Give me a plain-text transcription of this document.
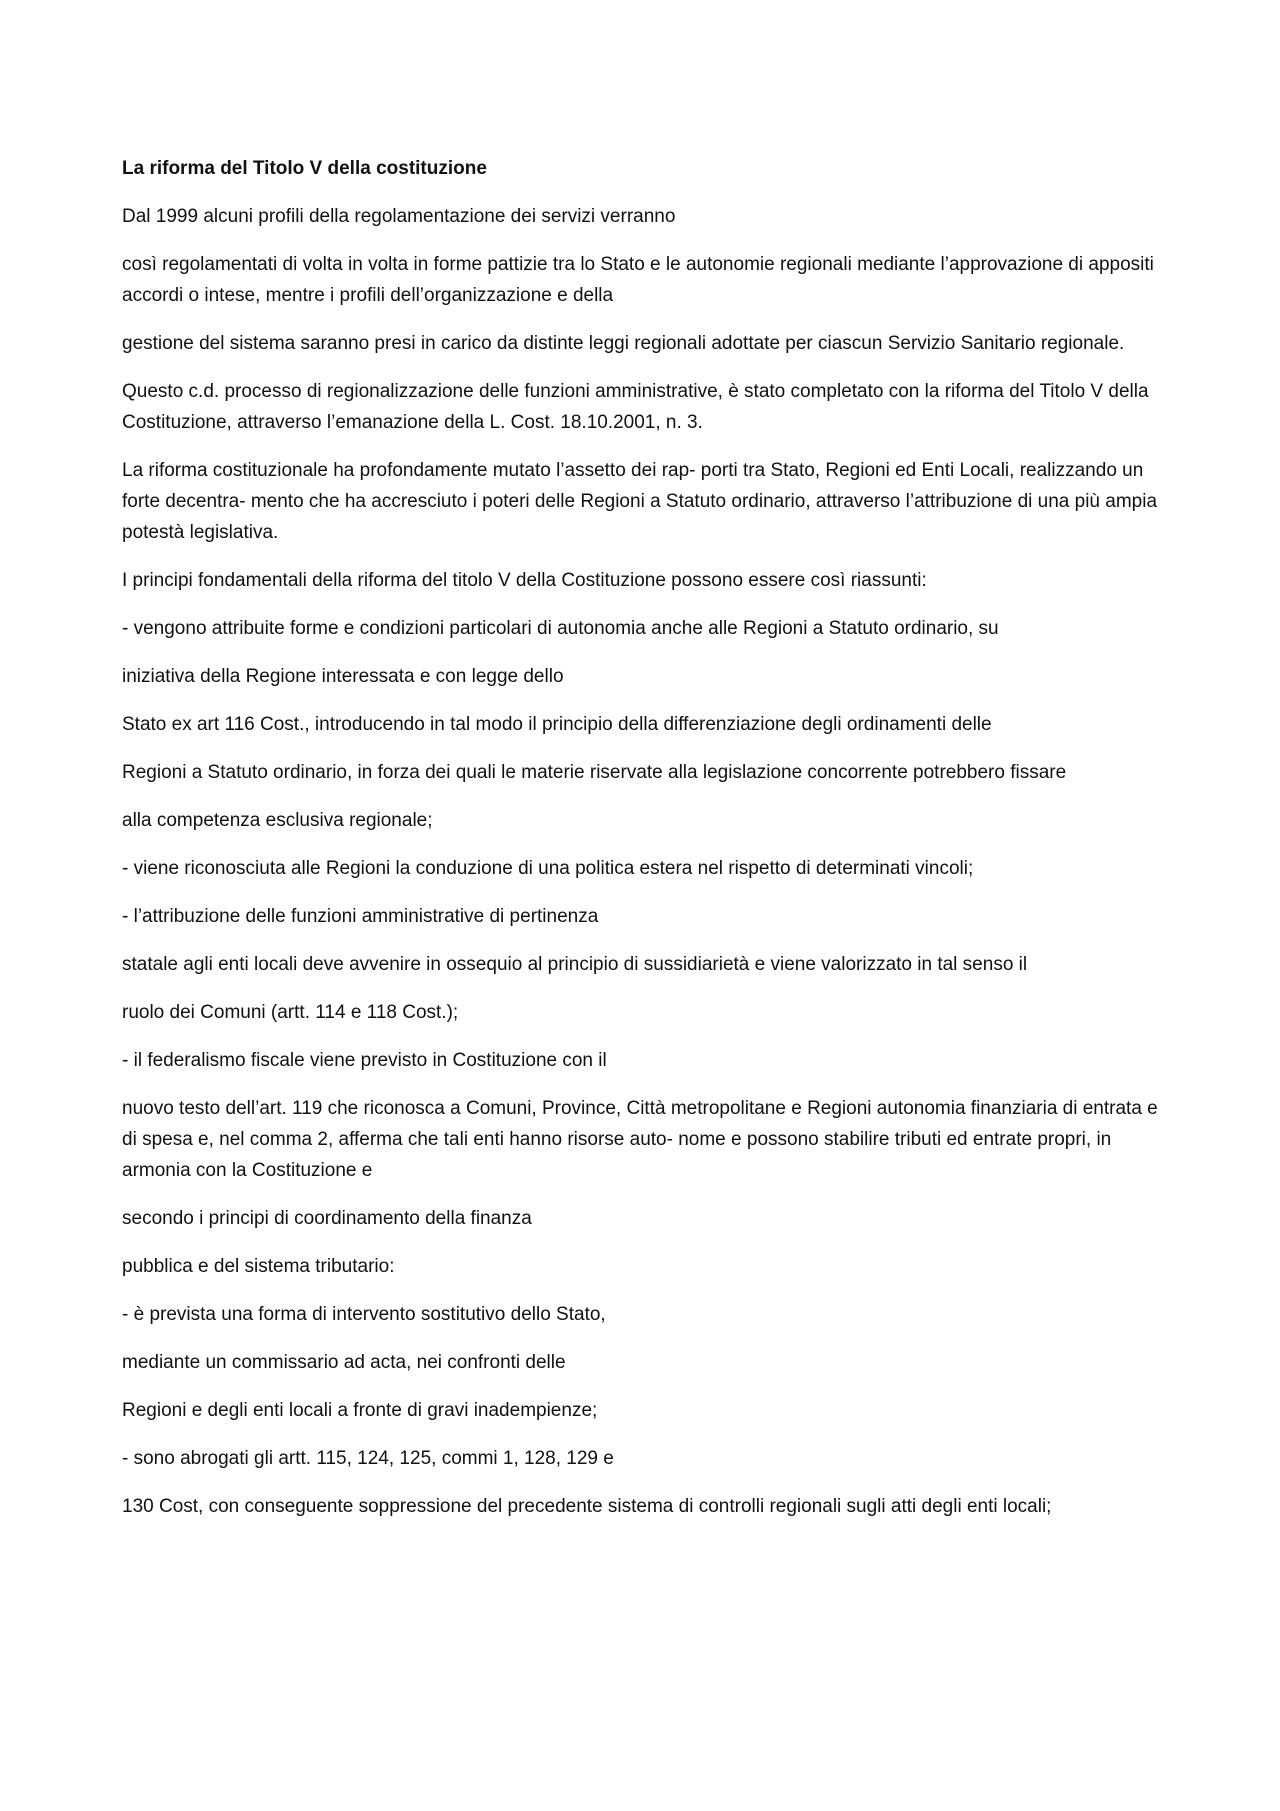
La riforma del Titolo V della costituzione

Dal 1999 alcuni profili della regolamentazione dei servizi verranno

così regolamentati di volta in volta in forme pattizie tra lo Stato e le autonomie regionali mediante l’approvazione di appositi accordi o intese, mentre i profili dell’organizzazione e della

gestione del sistema saranno presi in carico da distinte leggi regionali adottate per ciascun Servizio Sanitario regionale.

Questo c.d. processo di regionalizzazione delle funzioni amministrative, è stato completato con la riforma del Titolo V della Costituzione, attraverso l’emanazione della L. Cost. 18.10.2001, n. 3.

La riforma costituzionale ha profondamente mutato l’assetto dei rap- porti tra Stato, Regioni ed Enti Locali, realizzando un forte decentra- mento che ha accresciuto i poteri delle Regioni a Statuto ordinario, attraverso l’attribuzione di una più ampia potestà legislativa.

I principi fondamentali della riforma del titolo V della Costituzione possono essere così riassunti:

- vengono attribuite forme e condizioni particolari di autonomia anche alle Regioni a Statuto ordinario, su

iniziativa della Regione interessata e con legge dello

Stato ex art 116 Cost., introducendo in tal modo il principio della differenziazione degli ordinamenti delle

Regioni a Statuto ordinario, in forza dei quali le materie riservate alla legislazione concorrente potrebbero fissare

alla competenza esclusiva regionale;

- viene riconosciuta alle Regioni la conduzione di una politica estera nel rispetto di determinati vincoli;

- l’attribuzione delle funzioni amministrative di pertinenza

statale agli enti locali deve avvenire in ossequio al principio di sussidiarietà e viene valorizzato in tal senso il

ruolo dei Comuni (artt. 114 e 118 Cost.);

- il federalismo fiscale viene previsto in Costituzione con il

nuovo testo dell’art. 119 che riconosca a Comuni, Province, Città metropolitane e Regioni autonomia finanziaria di entrata e di spesa e, nel comma 2, afferma che tali enti hanno risorse auto- nome e possono stabilire tributi ed entrate propri, in armonia con la Costituzione e

secondo i principi di coordinamento della finanza

pubblica e del sistema tributario:

- è prevista una forma di intervento sostitutivo dello Stato,

mediante un commissario ad acta, nei confronti delle

Regioni e degli enti locali a fronte di gravi inadempienze;

- sono abrogati gli artt. 115, 124, 125, commi 1, 128, 129 e

130 Cost, con conseguente soppressione del precedente sistema di controlli regionali sugli atti degli enti locali;
